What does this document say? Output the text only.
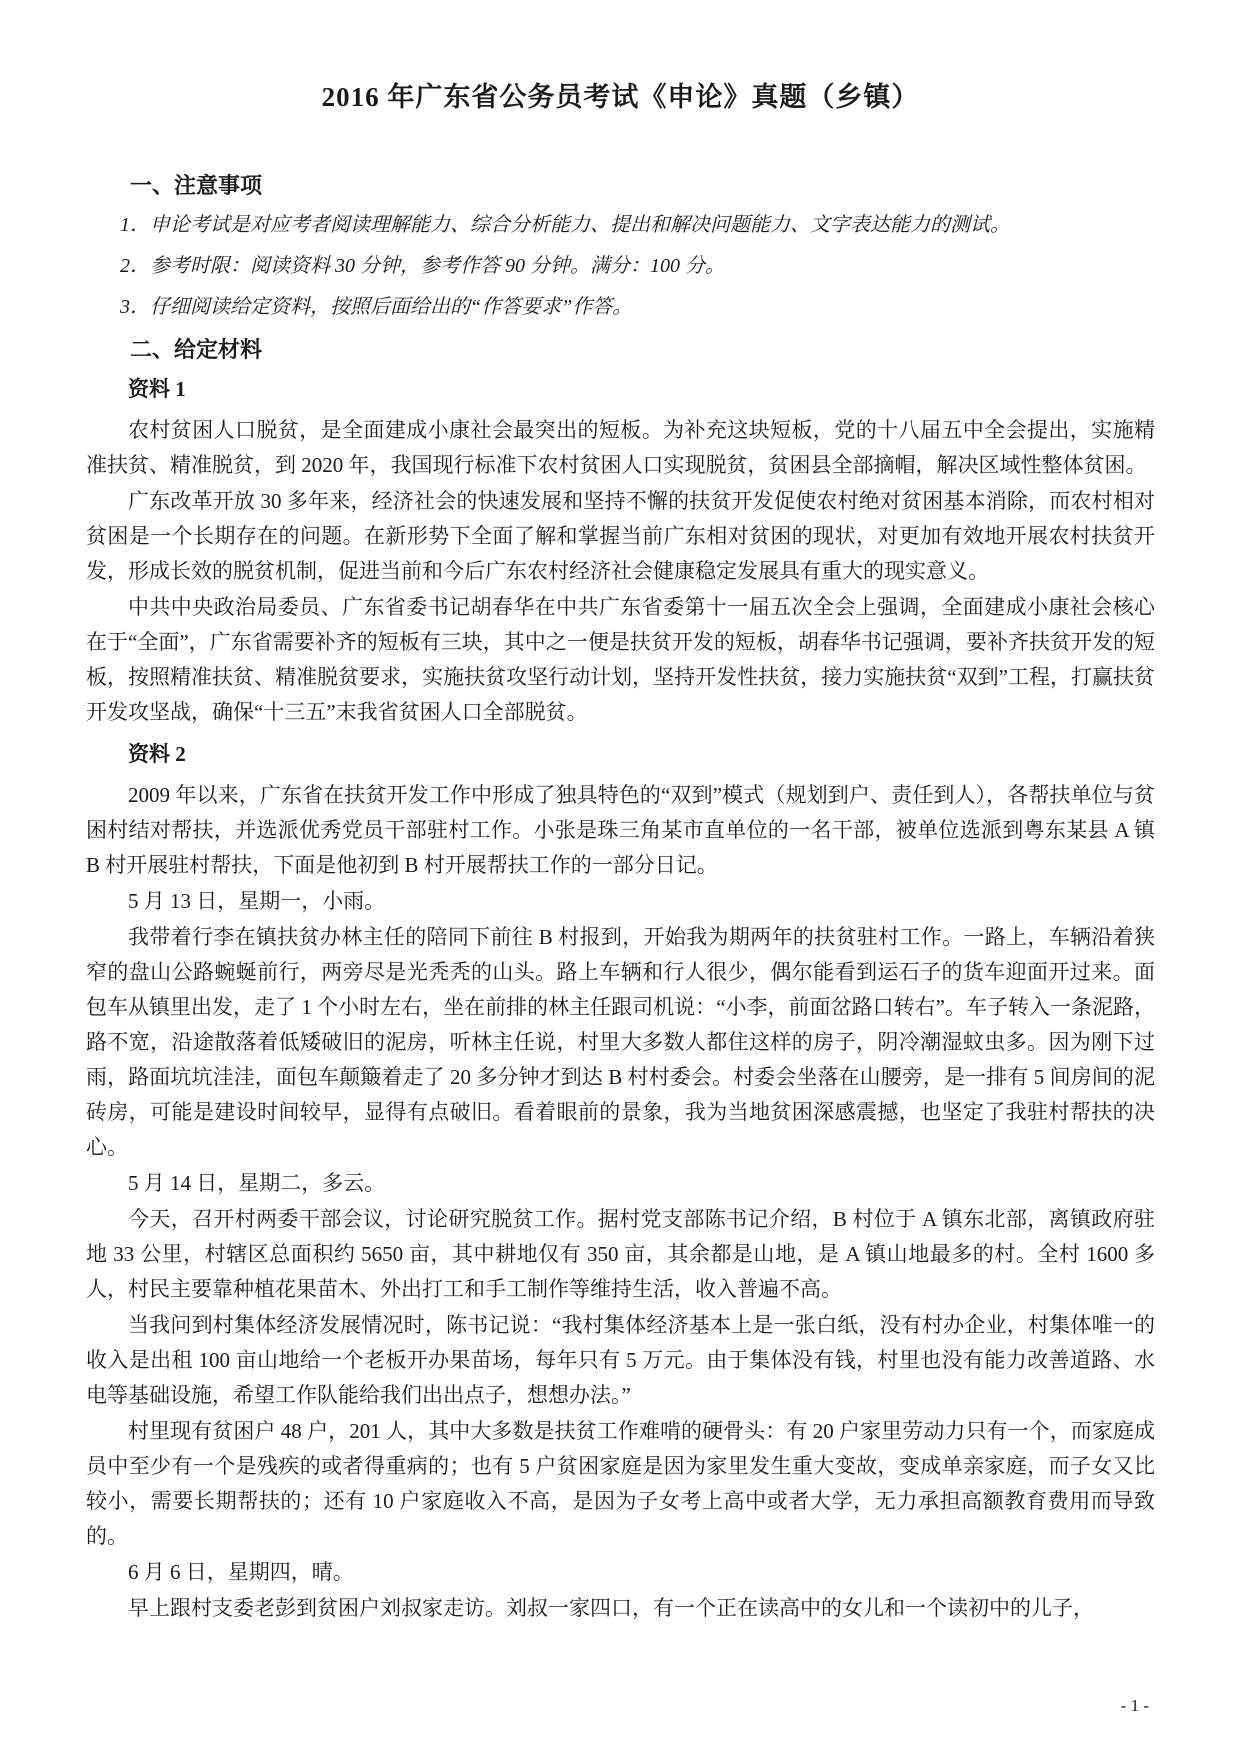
2016 年广东省公务员考试《申论》真题（乡镇）
一、注意事项

1．申论考试是对应考者阅读理解能力、综合分析能力、提出和解决问题能力、文字表达能力的测试。

2．参考时限：阅读资料 30 分钟，参考作答 90 分钟。满分：100 分。

3．仔细阅读给定资料，按照后面给出的“作答要求”作答。

二、给定材料
资料 1

农村贫困人口脱贫，是全面建成小康社会最突出的短板。为补充这块短板，党的十八届五中全会提出，实施精准扶贫、精准脱贫，到 2020 年，我国现行标准下农村贫困人口实现脱贫，贫困县全部摘帽，解决区域性整体贫困。

广东改革开放 30 多年来，经济社会的快速发展和坚持不懈的扶贫开发促使农村绝对贫困基本消除，而农村相对贫困是一个长期存在的问题。在新形势下全面了解和掌握当前广东相对贫困的现状，对更加有效地开展农村扶贫开发，形成长效的脱贫机制，促进当前和今后广东农村经济社会健康稳定发展具有重大的现实意义。

中共中央政治局委员、广东省委书记胡春华在中共广东省委第十一届五次全会上强调，全面建成小康社会核心在于“全面”，广东省需要补齐的短板有三块，其中之一便是扶贫开发的短板，胡春华书记强调，要补齐扶贫开发的短板，按照精准扶贫、精准脱贫要求，实施扶贫攻坚行动计划，坚持开发性扶贫，接力实施扶贫“双到”工程，打赢扶贫开发攻坚战，确保“十三五”末我省贫困人口全部脱贫。

资料 2

2009 年以来，广东省在扶贫开发工作中形成了独具特色的“双到”模式（规划到户、责任到人），各帮扶单位与贫困村结对帮扶，并选派优秀党员干部驻村工作。小张是珠三角某市直单位的一名干部，被单位选派到粤东某县 A 镇 B 村开展驻村帮扶，下面是他初到 B 村开展帮扶工作的一部分日记。

5 月 13 日，星期一，小雨。

我带着行李在镇扶贫办林主任的陪同下前往 B 村报到，开始我为期两年的扶贫驻村工作。一路上，车辆沿着狭窄的盘山公路蜿蜒前行，两旁尽是光秃秃的山头。路上车辆和行人很少，偶尔能看到运石子的货车迎面开过来。面包车从镇里出发，走了 1 个小时左右，坐在前排的林主任跟司机说：“小李，前面岔路口转右”。车子转入一条泥路，路不宽，沿途散落着低矮破旧的泥房，听林主任说，村里大多数人都住这样的房子，阴冷潮湿蚊虫多。因为刚下过雨，路面坑坑洼洼，面包车颠簸着走了 20 多分钟才到达 B 村村委会。村委会坐落在山腰旁，是一排有 5 间房间的泥砖房，可能是建设时间较早，显得有点破旧。看着眼前的景象，我为当地贫困深感震撼，也坚定了我驻村帮扶的决心。

5 月 14 日，星期二，多云。

今天，召开村两委干部会议，讨论研究脱贫工作。据村党支部陈书记介绍，B 村位于 A 镇东北部，离镇政府驻地 33 公里，村辖区总面积约 5650 亩，其中耕地仅有 350 亩，其余都是山地，是 A 镇山地最多的村。全村 1600 多人，村民主要靠种植花果苗木、外出打工和手工制作等维持生活，收入普遍不高。

当我问到村集体经济发展情况时，陈书记说：“我村集体经济基本上是一张白纸，没有村办企业，村集体唯一的收入是出租 100 亩山地给一个老板开办果苗场，每年只有 5 万元。由于集体没有钱，村里也没有能力改善道路、水电等基础设施，希望工作队能给我们出出点子，想想办法。”

村里现有贫困户 48 户，201 人，其中大多数是扶贫工作难啃的硬骨头：有 20 户家里劳动力只有一个，而家庭成员中至少有一个是残疾的或者得重病的；也有 5 户贫困家庭是因为家里发生重大变故，变成单亲家庭，而子女又比较小，需要长期帮扶的；还有 10 户家庭收入不高，是因为子女考上高中或者大学，无力承担高额教育费用而导致的。

6 月 6 日，星期四，晴。

早上跟村支委老彭到贫困户刘叔家走访。刘叔一家四口，有一个正在读高中的女儿和一个读初中的儿子，

- 1 -
